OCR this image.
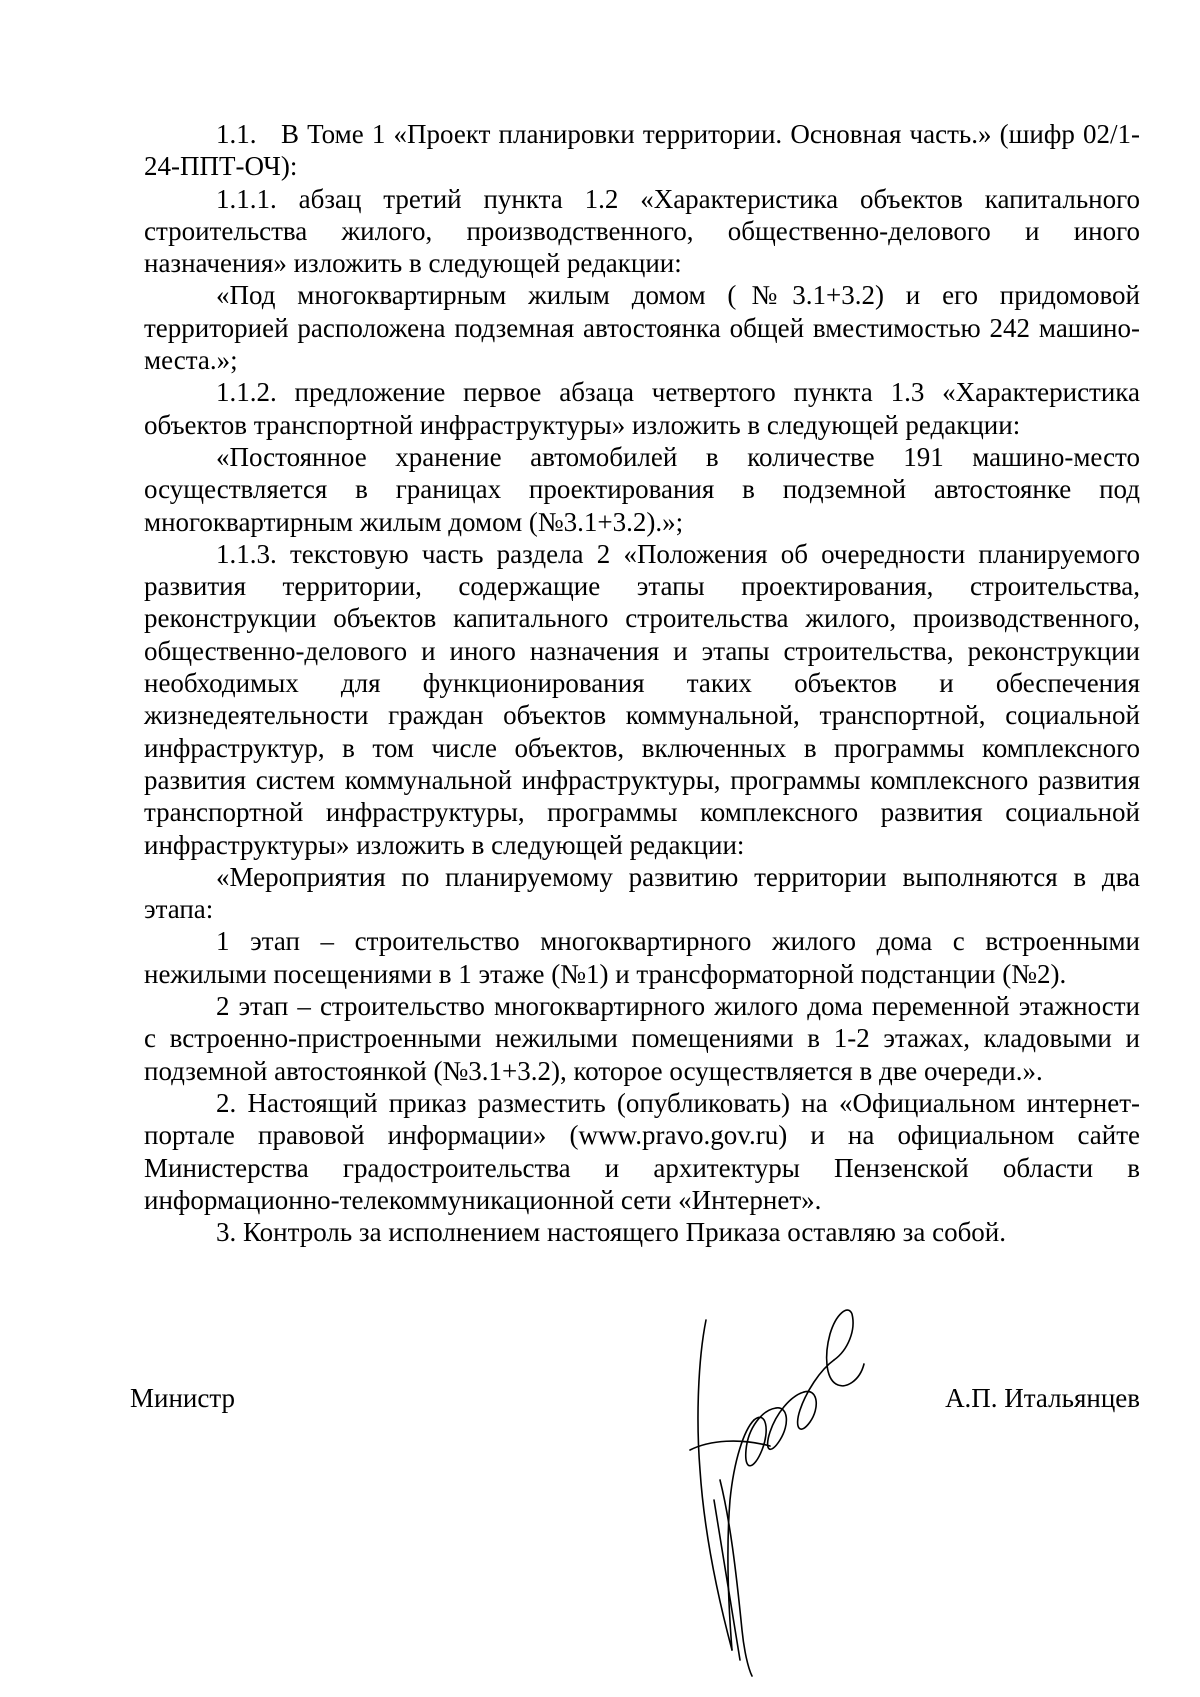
1.1.   В Томе 1 «Проект планировки территории. Основная часть.» (шифр 02/1-24-ППТ-ОЧ):

1.1.1. абзац третий пункта 1.2 «Характеристика объектов капитального строительства жилого, производственного, общественно-делового и иного назначения» изложить в следующей редакции:

«Под многоквартирным жилым домом (№3.1+3.2) и его придомовой территорией расположена подземная автостоянка общей вместимостью 242 машино-места.»;

1.1.2. предложение первое абзаца четвертого пункта 1.3 «Характеристика объектов транспортной инфраструктуры» изложить в следующей редакции:

«Постоянное хранение автомобилей в количестве 191 машино-место осуществляется в границах проектирования в подземной автостоянке под многоквартирным жилым домом (№3.1+3.2).»;

1.1.3. текстовую часть раздела 2 «Положения об очередности планируемого развития территории, содержащие этапы проектирования, строительства, реконструкции объектов капитального строительства жилого, производственного, общественно-делового и иного назначения и этапы строительства, реконструкции необходимых для функционирования таких объектов и обеспечения жизнедеятельности граждан объектов коммунальной, транспортной, социальной инфраструктур, в том числе объектов, включенных в программы комплексного развития систем коммунальной инфраструктуры, программы комплексного развития транспортной инфраструктуры, программы комплексного развития социальной инфраструктуры» изложить в следующей редакции:

«Мероприятия по планируемому развитию территории выполняются в два этапа:

1 этап – строительство многоквартирного жилого дома с встроенными нежилыми посещениями в 1 этаже (№1) и трансформаторной подстанции (№2).

2 этап – строительство многоквартирного жилого дома переменной этажности с встроенно-пристроенными нежилыми помещениями в 1-2 этажах, кладовыми и подземной автостоянкой (№3.1+3.2), которое осуществляется в две очереди.».

2. Настоящий приказ разместить (опубликовать) на «Официальном интернет-портале правовой информации» (www.pravo.gov.ru) и на официальном сайте Министерства градостроительства и архитектуры Пензенской области в информационно-телекоммуникационной сети «Интернет».

3. Контроль за исполнением настоящего Приказа оставляю за собой.

Министр	А.П. Итальянцев
